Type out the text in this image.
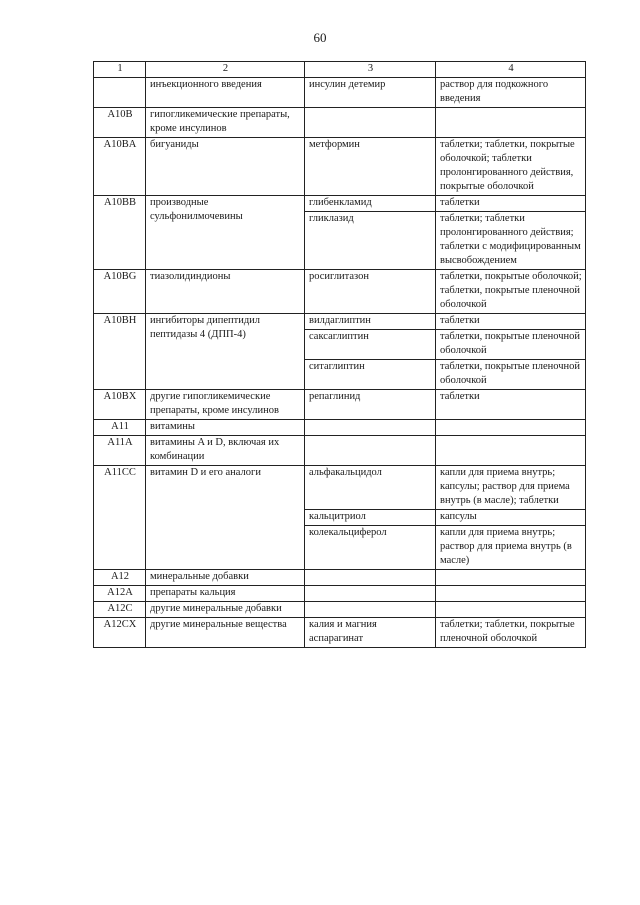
60
1	2	3	4
	инъекционного введения	инсулин детемир	раствор для подкожного введения
A10B	гипогликемические препараты, кроме инсулинов		
A10BA	бигуаниды	метформин	таблетки; таблетки, покрытые оболочкой; таблетки пролонгированного действия, покрытые оболочкой
A10BB	производные сульфонилмочевины	глибенкламид	таблетки
		гликлазид	таблетки; таблетки пролонгированного действия; таблетки с модифицированным высвобождением
A10BG	тиазолидиндионы	росиглитазон	таблетки, покрытые оболочкой; таблетки, покрытые пленочной оболочкой
A10BH	ингибиторы дипептидил пептидазы 4 (ДПП-4)	вилдаглиптин	таблетки
		саксаглиптин	таблетки, покрытые пленочной оболочкой
		ситаглиптин	таблетки, покрытые пленочной оболочкой
A10BX	другие гипогликемические препараты, кроме инсулинов	репаглинид	таблетки
A11	витамины		
A11A	витамины A и D, включая их комбинации		
A11CC	витамин D и его аналоги	альфакальцидол	капли для приема внутрь; капсулы; раствор для приема внутрь (в масле); таблетки
		кальцитриол	капсулы
		колекальциферол	капли для приема внутрь; раствор для приема внутрь (в масле)
A12	минеральные добавки		
A12A	препараты кальция		
A12C	другие минеральные добавки		
A12CX	другие минеральные вещества	калия и магния аспарагинат	таблетки; таблетки, покрытые пленочной оболочкой
